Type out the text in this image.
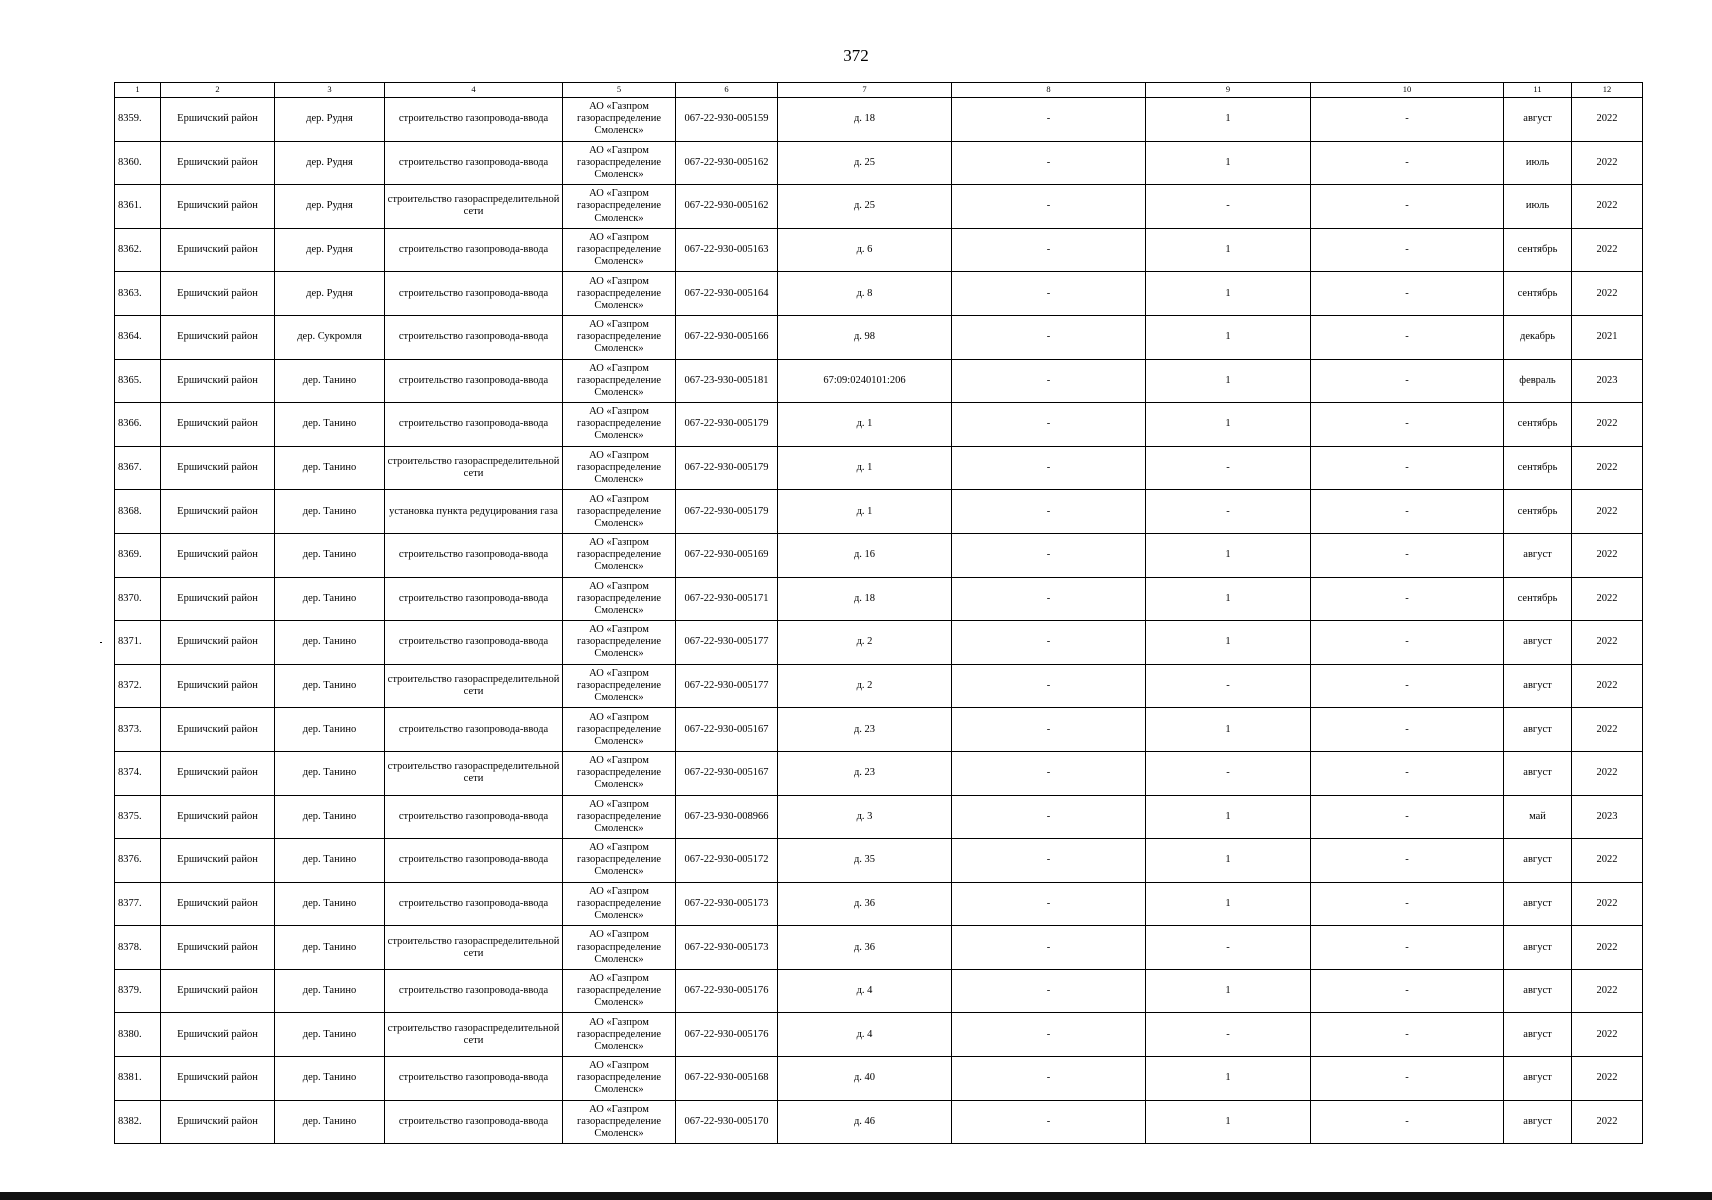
372
1	2	3	4	5	6	7	8	9	10	11	12
8359.	Ершичский район	дер. Рудня	строительство газопровода-ввода	АО «Газпром газораспределение Смоленск»	067-22-930-005159	д. 18	-	1	-	август	2022
8360.	Ершичский район	дер. Рудня	строительство газопровода-ввода	АО «Газпром газораспределение Смоленск»	067-22-930-005162	д. 25	-	1	-	июль	2022
8361.	Ершичский район	дер. Рудня	строительство газораспределительной сети	АО «Газпром газораспределение Смоленск»	067-22-930-005162	д. 25	-	-	-	июль	2022
8362.	Ершичский район	дер. Рудня	строительство газопровода-ввода	АО «Газпром газораспределение Смоленск»	067-22-930-005163	д. 6	-	1	-	сентябрь	2022
8363.	Ершичский район	дер. Рудня	строительство газопровода-ввода	АО «Газпром газораспределение Смоленск»	067-22-930-005164	д. 8	-	1	-	сентябрь	2022
8364.	Ершичский район	дер. Сукромля	строительство газопровода-ввода	АО «Газпром газораспределение Смоленск»	067-22-930-005166	д. 98	-	1	-	декабрь	2021
8365.	Ершичский район	дер. Танино	строительство газопровода-ввода	АО «Газпром газораспределение Смоленск»	067-23-930-005181	67:09:0240101:206	-	1	-	февраль	2023
8366.	Ершичский район	дер. Танино	строительство газопровода-ввода	АО «Газпром газораспределение Смоленск»	067-22-930-005179	д. 1	-	1	-	сентябрь	2022
8367.	Ершичский район	дер. Танино	строительство газораспределительной сети	АО «Газпром газораспределение Смоленск»	067-22-930-005179	д. 1	-	-	-	сентябрь	2022
8368.	Ершичский район	дер. Танино	установка пункта редуцирования газа	АО «Газпром газораспределение Смоленск»	067-22-930-005179	д. 1	-	-	-	сентябрь	2022
8369.	Ершичский район	дер. Танино	строительство газопровода-ввода	АО «Газпром газораспределение Смоленск»	067-22-930-005169	д. 16	-	1	-	август	2022
8370.	Ершичский район	дер. Танино	строительство газопровода-ввода	АО «Газпром газораспределение Смоленск»	067-22-930-005171	д. 18	-	1	-	сентябрь	2022
8371.	Ершичский район	дер. Танино	строительство газопровода-ввода	АО «Газпром газораспределение Смоленск»	067-22-930-005177	д. 2	-	1	-	август	2022
8372.	Ершичский район	дер. Танино	строительство газораспределительной сети	АО «Газпром газораспределение Смоленск»	067-22-930-005177	д. 2	-	-	-	август	2022
8373.	Ершичский район	дер. Танино	строительство газопровода-ввода	АО «Газпром газораспределение Смоленск»	067-22-930-005167	д. 23	-	1	-	август	2022
8374.	Ершичский район	дер. Танино	строительство газораспределительной сети	АО «Газпром газораспределение Смоленск»	067-22-930-005167	д. 23	-	-	-	август	2022
8375.	Ершичский район	дер. Танино	строительство газопровода-ввода	АО «Газпром газораспределение Смоленск»	067-23-930-008966	д. 3	-	1	-	май	2023
8376.	Ершичский район	дер. Танино	строительство газопровода-ввода	АО «Газпром газораспределение Смоленск»	067-22-930-005172	д. 35	-	1	-	август	2022
8377.	Ершичский район	дер. Танино	строительство газопровода-ввода	АО «Газпром газораспределение Смоленск»	067-22-930-005173	д. 36	-	1	-	август	2022
8378.	Ершичский район	дер. Танино	строительство газораспределительной сети	АО «Газпром газораспределение Смоленск»	067-22-930-005173	д. 36	-	-	-	август	2022
8379.	Ершичский район	дер. Танино	строительство газопровода-ввода	АО «Газпром газораспределение Смоленск»	067-22-930-005176	д. 4	-	1	-	август	2022
8380.	Ершичский район	дер. Танино	строительство газораспределительной сети	АО «Газпром газораспределение Смоленск»	067-22-930-005176	д. 4	-	-	-	август	2022
8381.	Ершичский район	дер. Танино	строительство газопровода-ввода	АО «Газпром газораспределение Смоленск»	067-22-930-005168	д. 40	-	1	-	август	2022
8382.	Ершичский район	дер. Танино	строительство газопровода-ввода	АО «Газпром газораспределение Смоленск»	067-22-930-005170	д. 46	-	1	-	август	2022
